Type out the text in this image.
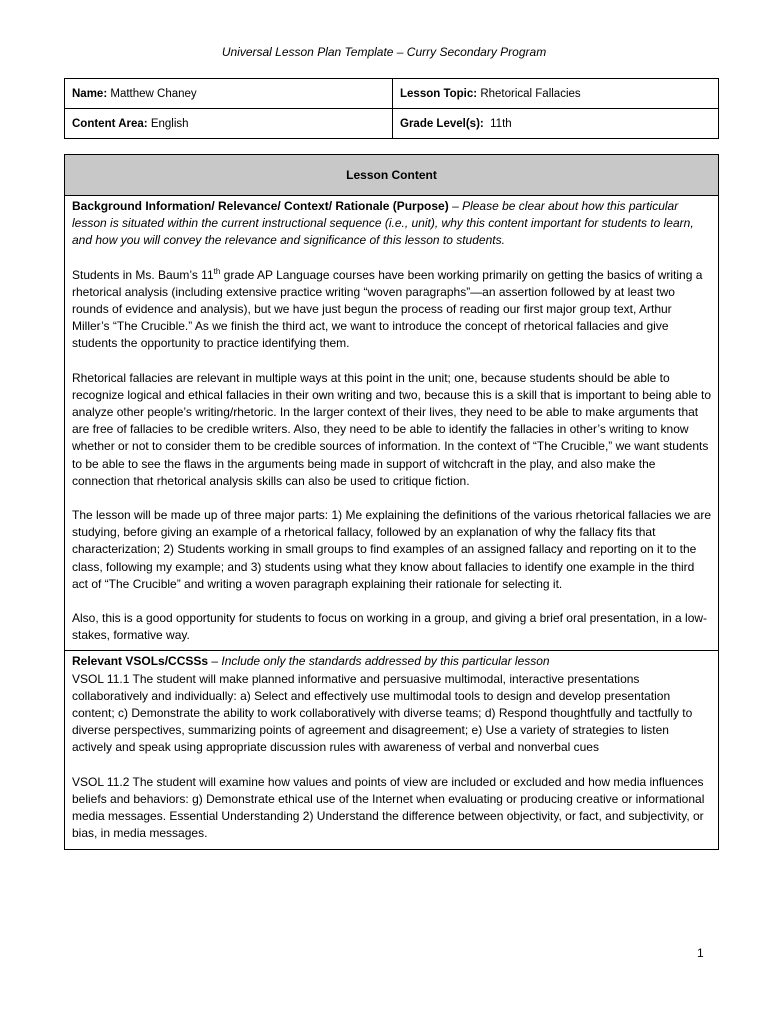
Universal Lesson Plan Template – Curry Secondary Program
Name: Matthew Chaney	Lesson Topic: Rhetorical Fallacies
Content Area: English	Grade Level(s): 11th
Lesson Content

Background Information/ Relevance/ Context/ Rationale (Purpose) – Please be clear about how this particular lesson is situated within the current instructional sequence (i.e., unit), why this content important for students to learn, and how you will convey the relevance and significance of this lesson to students.

Students in Ms. Baum’s 11th grade AP Language courses have been working primarily on getting the basics of writing a rhetorical analysis (including extensive practice writing “woven paragraphs”—an assertion followed by at least two rounds of evidence and analysis), but we have just begun the process of reading our first major group text, Arthur Miller’s “The Crucible.” As we finish the third act, we want to introduce the concept of rhetorical fallacies and give students the opportunity to practice identifying them.

Rhetorical fallacies are relevant in multiple ways at this point in the unit; one, because students should be able to recognize logical and ethical fallacies in their own writing and two, because this is a skill that is important to being able to analyze other people’s writing/rhetoric. In the larger context of their lives, they need to be able to make arguments that are free of fallacies to be credible writers. Also, they need to be able to identify the fallacies in other’s writing to know whether or not to consider them to be credible sources of information. In the context of “The Crucible,” we want students to be able to see the flaws in the arguments being made in support of witchcraft in the play, and also make the connection that rhetorical analysis skills can also be used to critique fiction.

The lesson will be made up of three major parts: 1) Me explaining the definitions of the various rhetorical fallacies we are studying, before giving an example of a rhetorical fallacy, followed by an explanation of why the fallacy fits that characterization; 2) Students working in small groups to find examples of an assigned fallacy and reporting on it to the class, following my example; and 3) students using what they know about fallacies to identify one example in the third act of “The Crucible” and writing a woven paragraph explaining their rationale for selecting it.

Also, this is a good opportunity for students to focus on working in a group, and giving a brief oral presentation, in a low-stakes, formative way.

Relevant VSOLs/CCSSs – Include only the standards addressed by this particular lesson

VSOL 11.1 The student will make planned informative and persuasive multimodal, interactive presentations collaboratively and individually: a) Select and effectively use multimodal tools to design and develop presentation content; c) Demonstrate the ability to work collaboratively with diverse teams; d) Respond thoughtfully and tactfully to diverse perspectives, summarizing points of agreement and disagreement; e) Use a variety of strategies to listen actively and speak using appropriate discussion rules with awareness of verbal and nonverbal cues

VSOL 11.2 The student will examine how values and points of view are included or excluded and how media influences beliefs and behaviors: g) Demonstrate ethical use of the Internet when evaluating or producing creative or informational media messages. Essential Understanding 2) Understand the difference between objectivity, or fact, and subjectivity, or bias, in media messages.

1
